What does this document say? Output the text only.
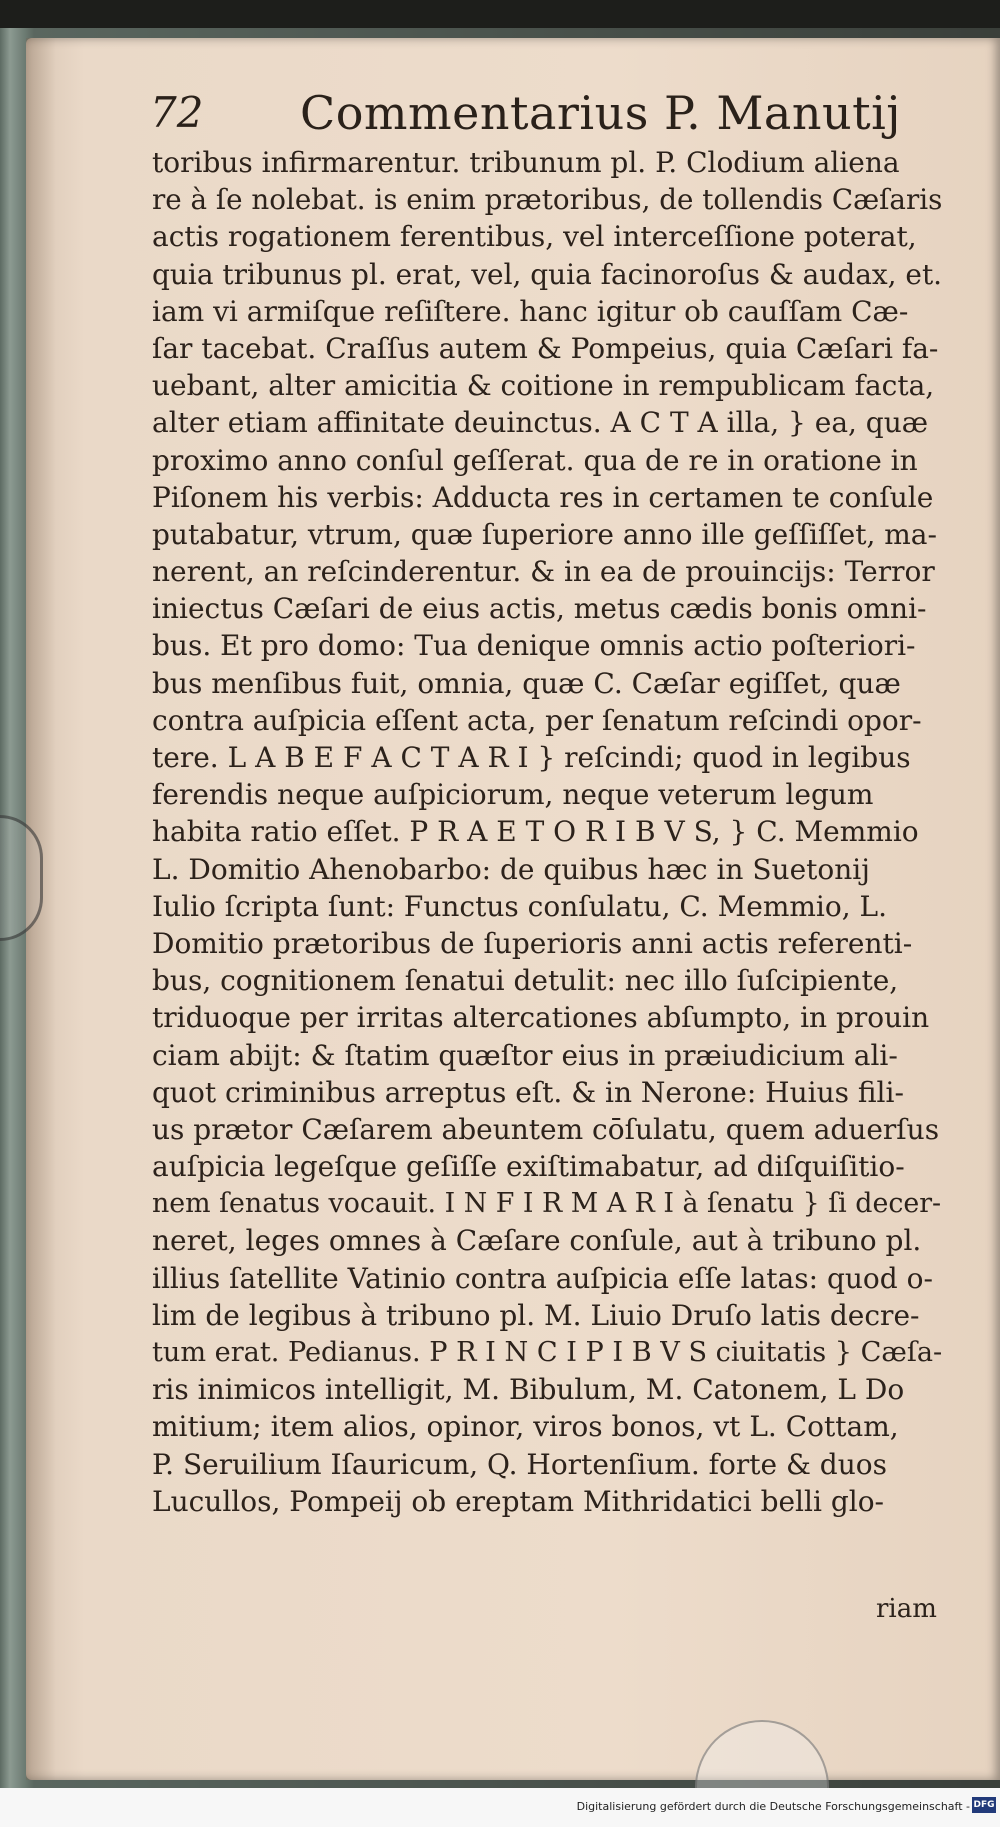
72 Commentarius P. Manutij
toribus infirmarentur. tribunum pl. P. Clodium aliena
re à ſe nolebat. is enim prætoribus, de tollendis Cæſaris
actis rogationem ferentibus, vel interceſſione poterat,
quia tribunus pl. erat, vel, quia facinoroſus & audax, et.
iam vi armiſque reſiſtere. hanc igitur ob cauſſam Cæ-
ſar tacebat. Craſſus autem & Pompeius, quia Cæſari fa-
uebant, alter amicitia & coitione in rempublicam facta,
alter etiam affinitate deuinctus. A C T A illa, } ea, quæ
proximo anno conſul geſſerat. qua de re in oratione in
Piſonem his verbis: Adducta res in certamen te conſule
putabatur, vtrum, quæ ſuperiore anno ille geſſiſſet, ma-
nerent, an reſcinderentur. & in ea de prouincijs: Terror
iniectus Cæſari de eius actis, metus cædis bonis omni-
bus. Et pro domo: Tua denique omnis actio poſteriori-
bus menſibus fuit, omnia, quæ C. Cæſar egiſſet, quæ
contra auſpicia eſſent acta, per ſenatum reſcindi opor-
tere. L A B E F A C T A R I } reſcindi; quod in legibus
ferendis neque auſpiciorum, neque veterum legum
habita ratio eſſet. P R A E T O R I B V S, } C. Memmio
L. Domitio Ahenobarbo: de quibus hæc in Suetonij
Iulio ſcripta ſunt: Functus conſulatu, C. Memmio, L.
Domitio prætoribus de ſuperioris anni actis referenti-
bus, cognitionem ſenatui detulit: nec illo ſuſcipiente,
triduoque per irritas altercationes abſumpto, in prouin
ciam abijt: & ſtatim quæſtor eius in præiudicium ali-
quot criminibus arreptus eſt. & in Nerone: Huius fili-
us prætor Cæſarem abeuntem cōſulatu, quem aduerſus
auſpicia legeſque geſiſſe exiſtimabatur, ad diſquiſitio-
nem ſenatus vocauit. I N F I R M A R I à ſenatu } ſi decer-
neret, leges omnes à Cæſare conſule, aut à tribuno pl.
illius ſatellite Vatinio contra auſpicia eſſe latas: quod o-
lim de legibus à tribuno pl. M. Liuio Druſo latis decre-
tum erat. Pedianus. P R I N C I P I B V S ciuitatis } Cæſa-
ris inimicos intelligit, M. Bibulum, M. Catonem, L Do
mitium; item alios, opinor, viros bonos, vt L. Cottam,
P. Seruilium Iſauricum, Q. Hortenſium. forte & duos
Lucullos, Pompeij ob ereptam Mithridatici belli glo-
riam
Digitalisierung gefördert durch die Deutsche Forschungsgemeinschaft - DFG
